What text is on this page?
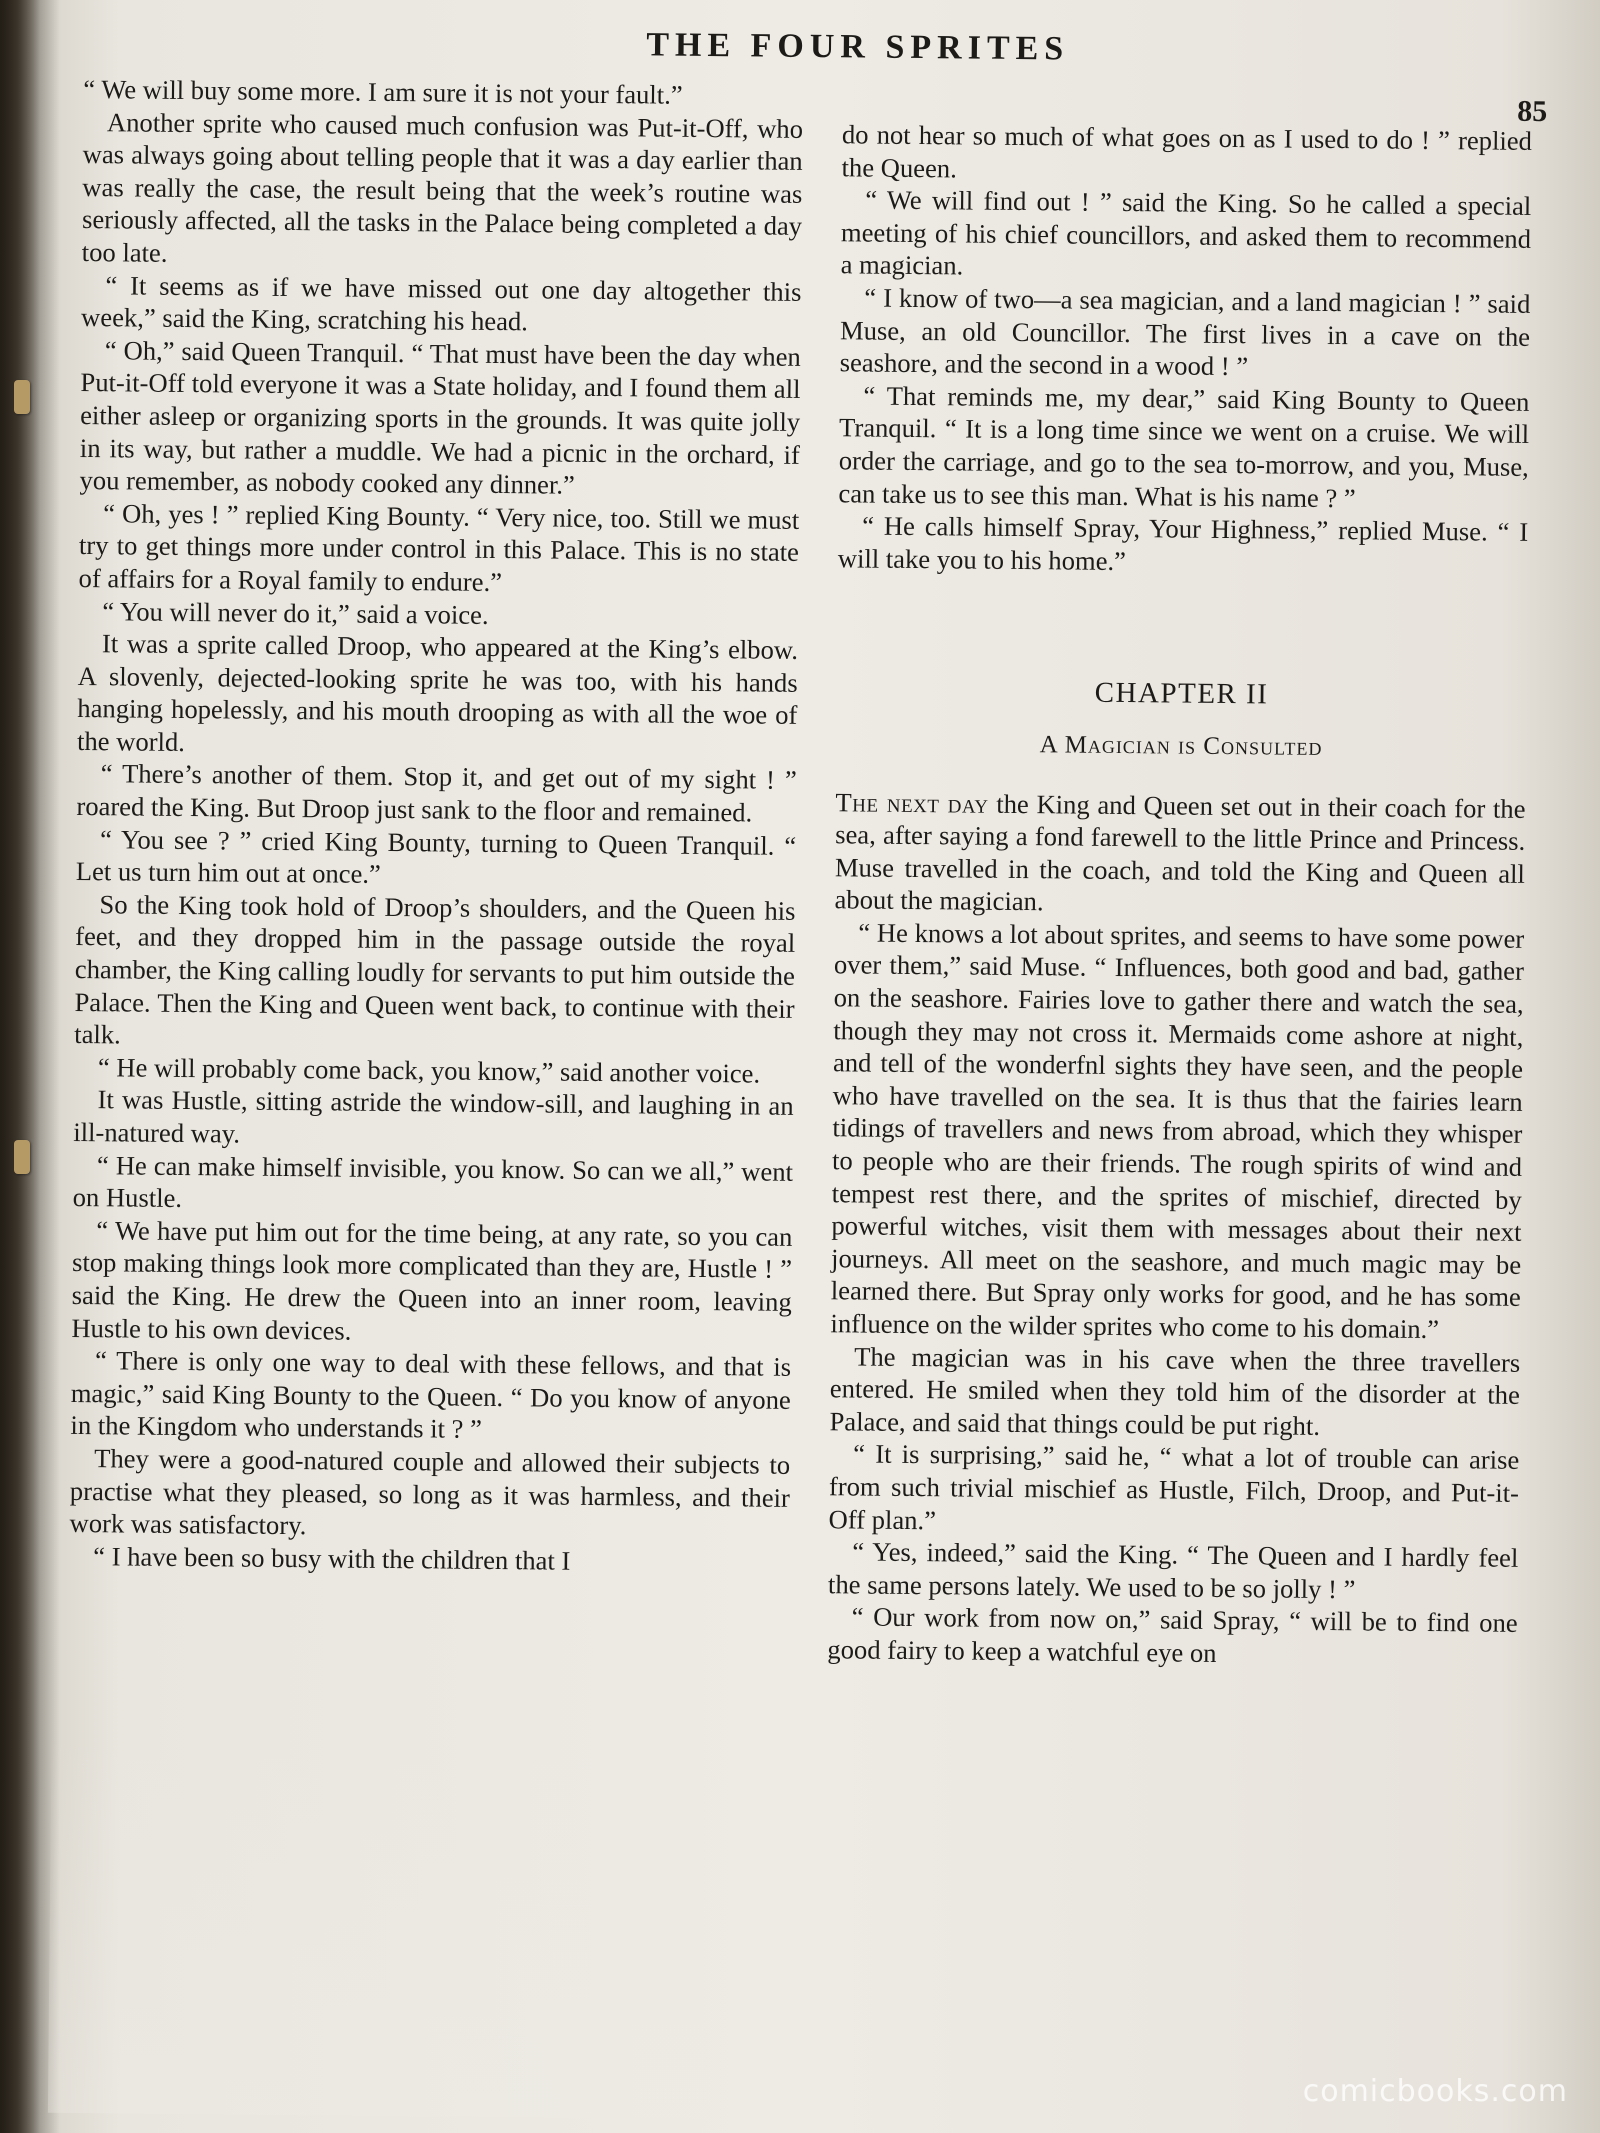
THE FOUR SPRITES
85

“ We will buy some more. I am sure it is not your fault.”

Another sprite who caused much confusion was Put-it-Off, who was always going about telling people that it was a day earlier than was really the case, the result being that the week’s routine was seriously affected, all the tasks in the Palace being completed a day too late.

“ It seems as if we have missed out one day altogether this week,” said the King, scratching his head.

“ Oh,” said Queen Tranquil. “ That must have been the day when Put-it-Off told everyone it was a State holiday, and I found them all either asleep or organizing sports in the grounds. It was quite jolly in its way, but rather a muddle. We had a picnic in the orchard, if you remember, as nobody cooked any dinner.”

“ Oh, yes ! ” replied King Bounty. “ Very nice, too. Still we must try to get things more under control in this Palace. This is no state of affairs for a Royal family to endure.”

“ You will never do it,” said a voice.

It was a sprite called Droop, who appeared at the King’s elbow. A slovenly, dejected-looking sprite he was too, with his hands hanging hopelessly, and his mouth drooping as with all the woe of the world.

“ There’s another of them. Stop it, and get out of my sight ! ” roared the King. But Droop just sank to the floor and remained.

“ You see ? ” cried King Bounty, turning to Queen Tranquil. “ Let us turn him out at once.”

So the King took hold of Droop’s shoulders, and the Queen his feet, and they dropped him in the passage outside the royal chamber, the King calling loudly for servants to put him outside the Palace. Then the King and Queen went back, to continue with their talk.

“ He will probably come back, you know,” said another voice.

It was Hustle, sitting astride the window-sill, and laughing in an ill-natured way.

“ He can make himself invisible, you know. So can we all,” went on Hustle.

“ We have put him out for the time being, at any rate, so you can stop making things look more complicated than they are, Hustle ! ” said the King. He drew the Queen into an inner room, leaving Hustle to his own devices.

“ There is only one way to deal with these fellows, and that is magic,” said King Bounty to the Queen. “ Do you know of anyone in the Kingdom who understands it ? ”

They were a good-natured couple and allowed their subjects to practise what they pleased, so long as it was harmless, and their work was satisfactory.

“ I have been so busy with the children that I

do not hear so much of what goes on as I used to do ! ” replied the Queen.

“ We will find out ! ” said the King. So he called a special meeting of his chief councillors, and asked them to recommend a magician.

“ I know of two—a sea magician, and a land magician ! ” said Muse, an old Councillor. The first lives in a cave on the seashore, and the second in a wood ! ”

“ That reminds me, my dear,” said King Bounty to Queen Tranquil. “ It is a long time since we went on a cruise. We will order the carriage, and go to the sea to-morrow, and you, Muse, can take us to see this man. What is his name ? ”

“ He calls himself Spray, Your Highness,” replied Muse. “ I will take you to his home.”

CHAPTER II
A Magician is Consulted

The next day the King and Queen set out in their coach for the sea, after saying a fond farewell to the little Prince and Princess. Muse travelled in the coach, and told the King and Queen all about the magician.

“ He knows a lot about sprites, and seems to have some power over them,” said Muse. “ Influences, both good and bad, gather on the seashore. Fairies love to gather there and watch the sea, though they may not cross it. Mermaids come ashore at night, and tell of the wonderfnl sights they have seen, and the people who have travelled on the sea. It is thus that the fairies learn tidings of travellers and news from abroad, which they whisper to people who are their friends. The rough spirits of wind and tempest rest there, and the sprites of mischief, directed by powerful witches, visit them with messages about their next journeys. All meet on the seashore, and much magic may be learned there. But Spray only works for good, and he has some influence on the wilder sprites who come to his domain.”

The magician was in his cave when the three travellers entered. He smiled when they told him of the disorder at the Palace, and said that things could be put right.

“ It is surprising,” said he, “ what a lot of trouble can arise from such trivial mischief as Hustle, Filch, Droop, and Put-it-Off plan.”

“ Yes, indeed,” said the King. “ The Queen and I hardly feel the same persons lately. We used to be so jolly ! ”

“ Our work from now on,” said Spray, “ will be to find one good fairy to keep a watchful eye on

comicbooks.com
